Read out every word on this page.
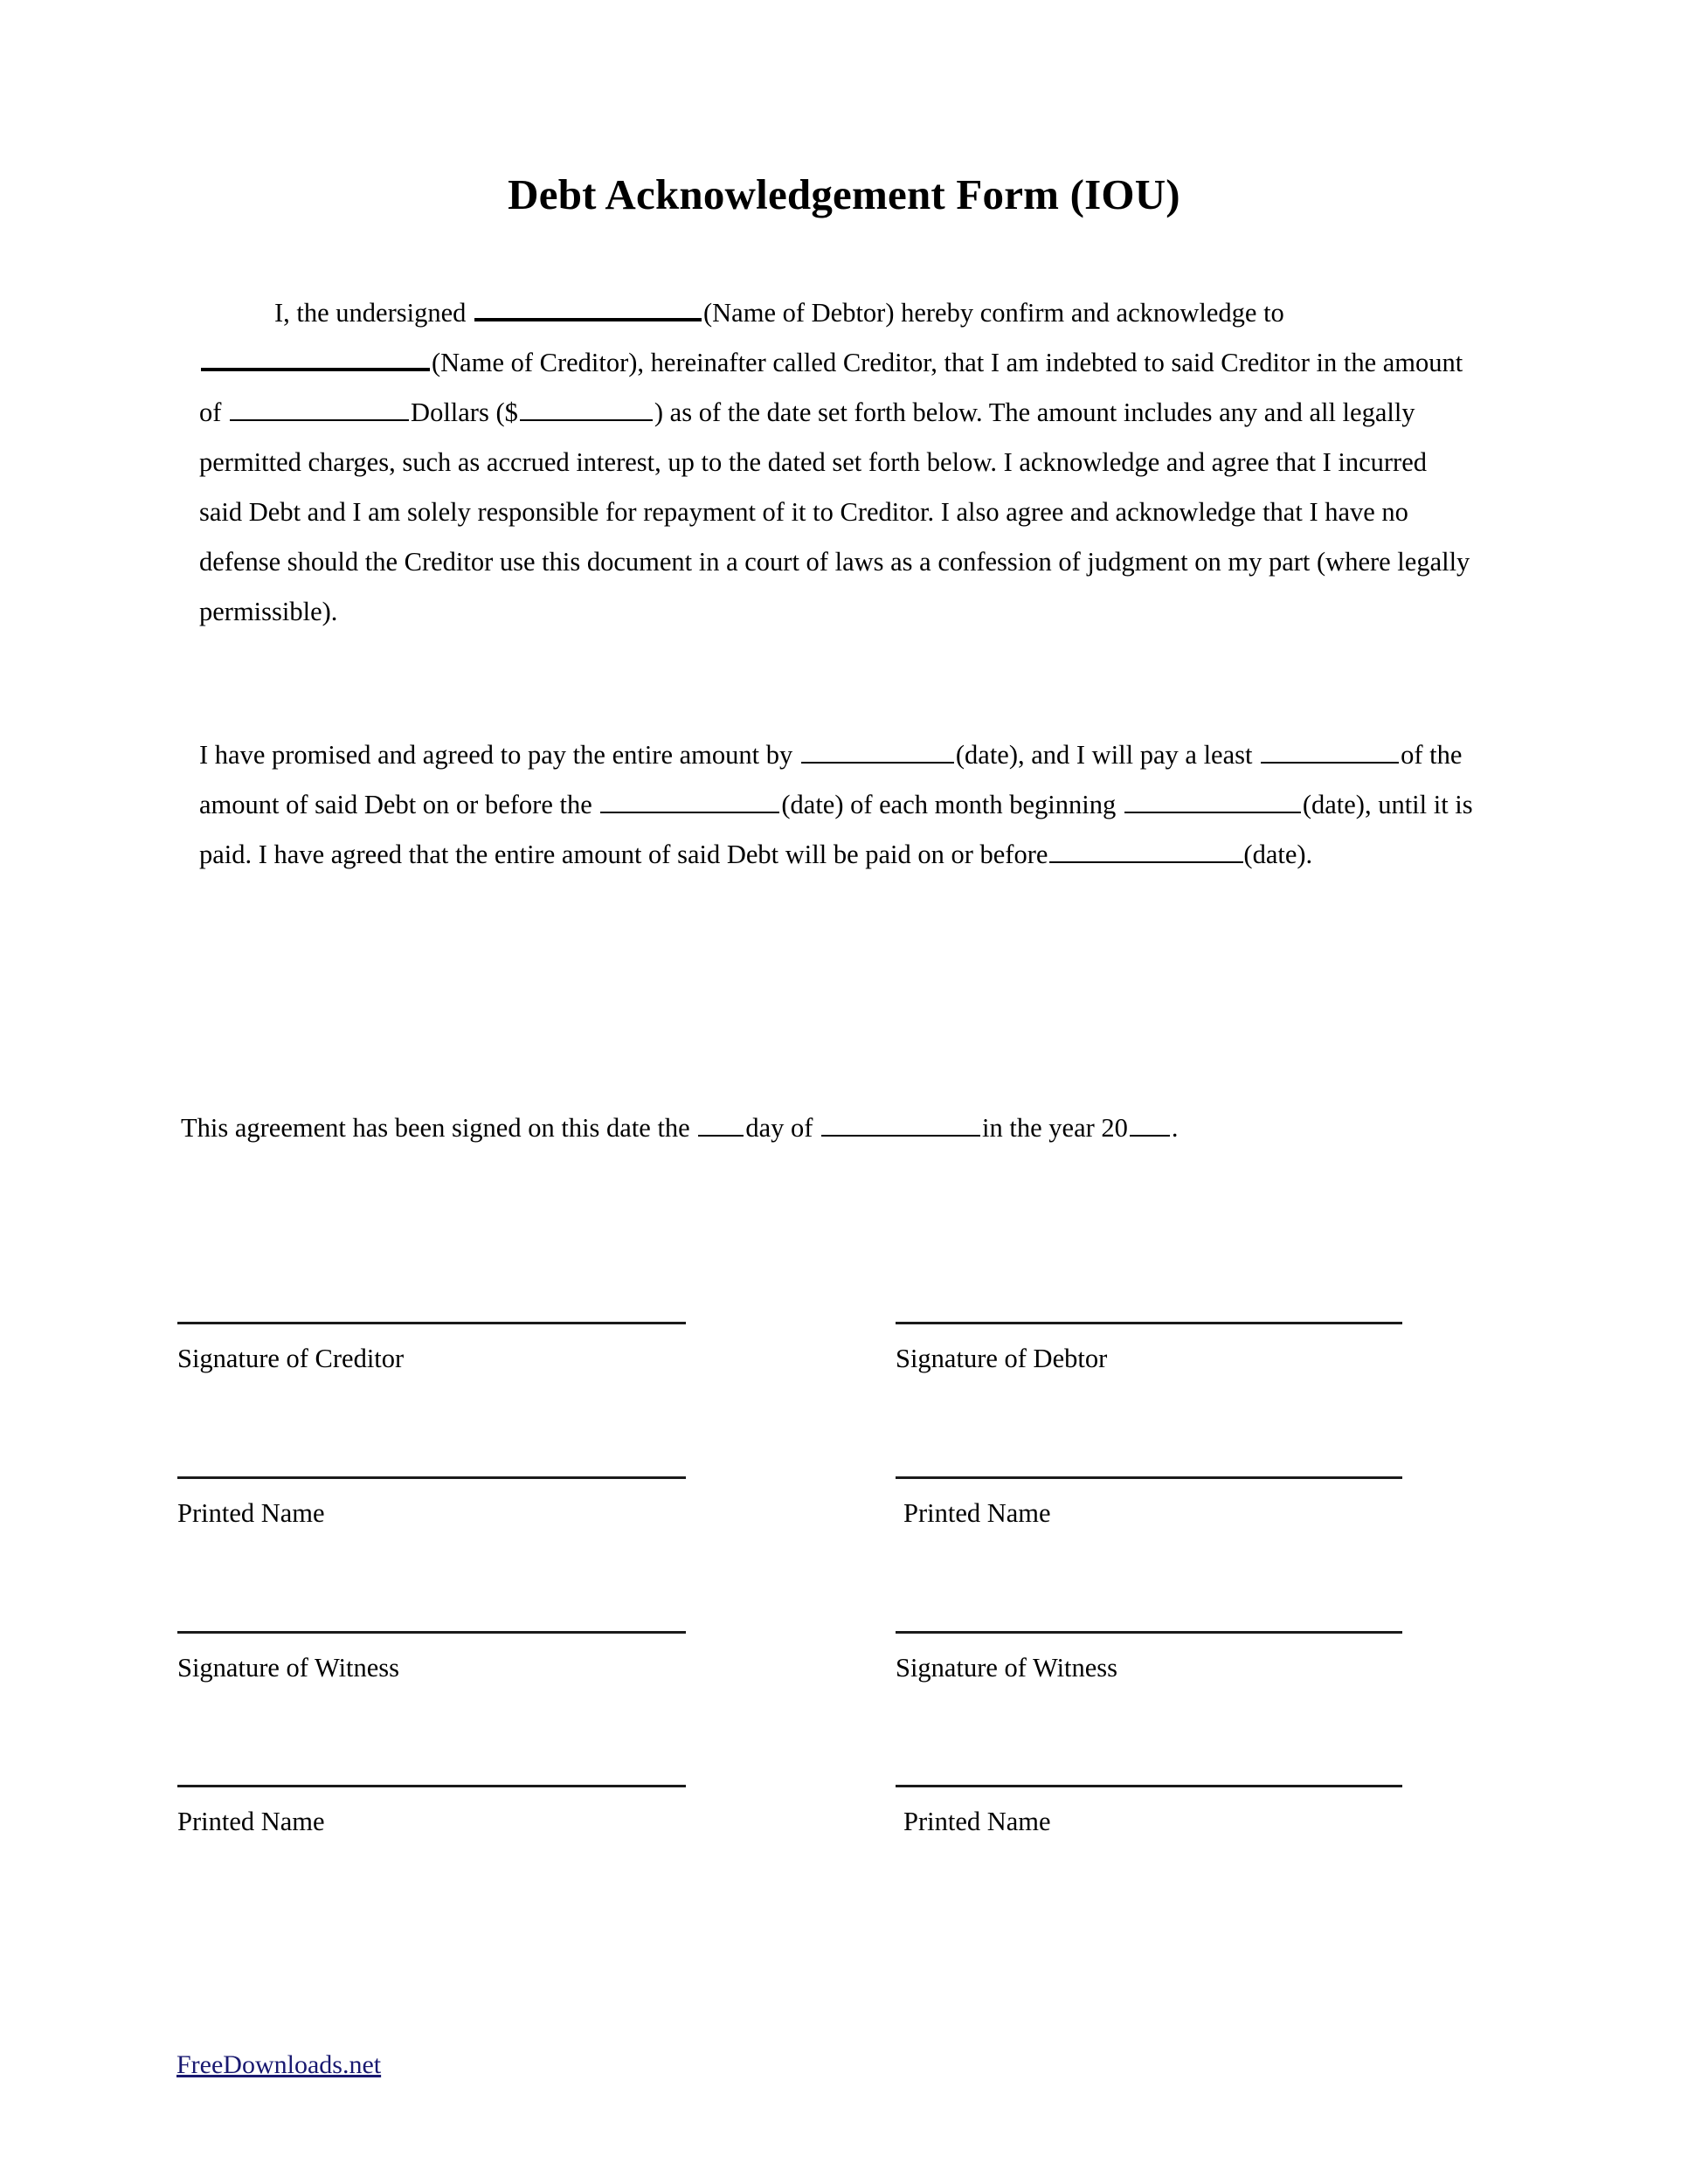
Debt Acknowledgement Form (IOU)
I, the undersigned	(Name of Debtor) hereby confirm and acknowledge to (Name of Creditor), hereinafter called Creditor, that I am indebted to said Creditor in the amount of	Dollars ($	) as of the date set forth below. The amount includes any and all legally permitted charges, such as accrued interest, up to the dated set forth below. I acknowledge and agree that I incurred said Debt and I am solely responsible for repayment of it to Creditor. I also agree and acknowledge that I have no defense should the Creditor use this document in a court of laws as a confession of judgment on my part (where legally permissible).
I have promised and agreed to pay the entire amount by	(date), and I will pay a least	of the amount of said Debt on or before the	(date) of each month beginning	(date), until it is paid. I have agreed that the entire amount of said Debt will be paid on or before	(date).
This agreement has been signed on this date the day of	in the year 20 .
Signature of Creditor	Signature of Debtor
Printed Name	Printed Name
Signature of Witness	Signature of Witness
Printed Name	Printed Name
FreeDownloads.net
